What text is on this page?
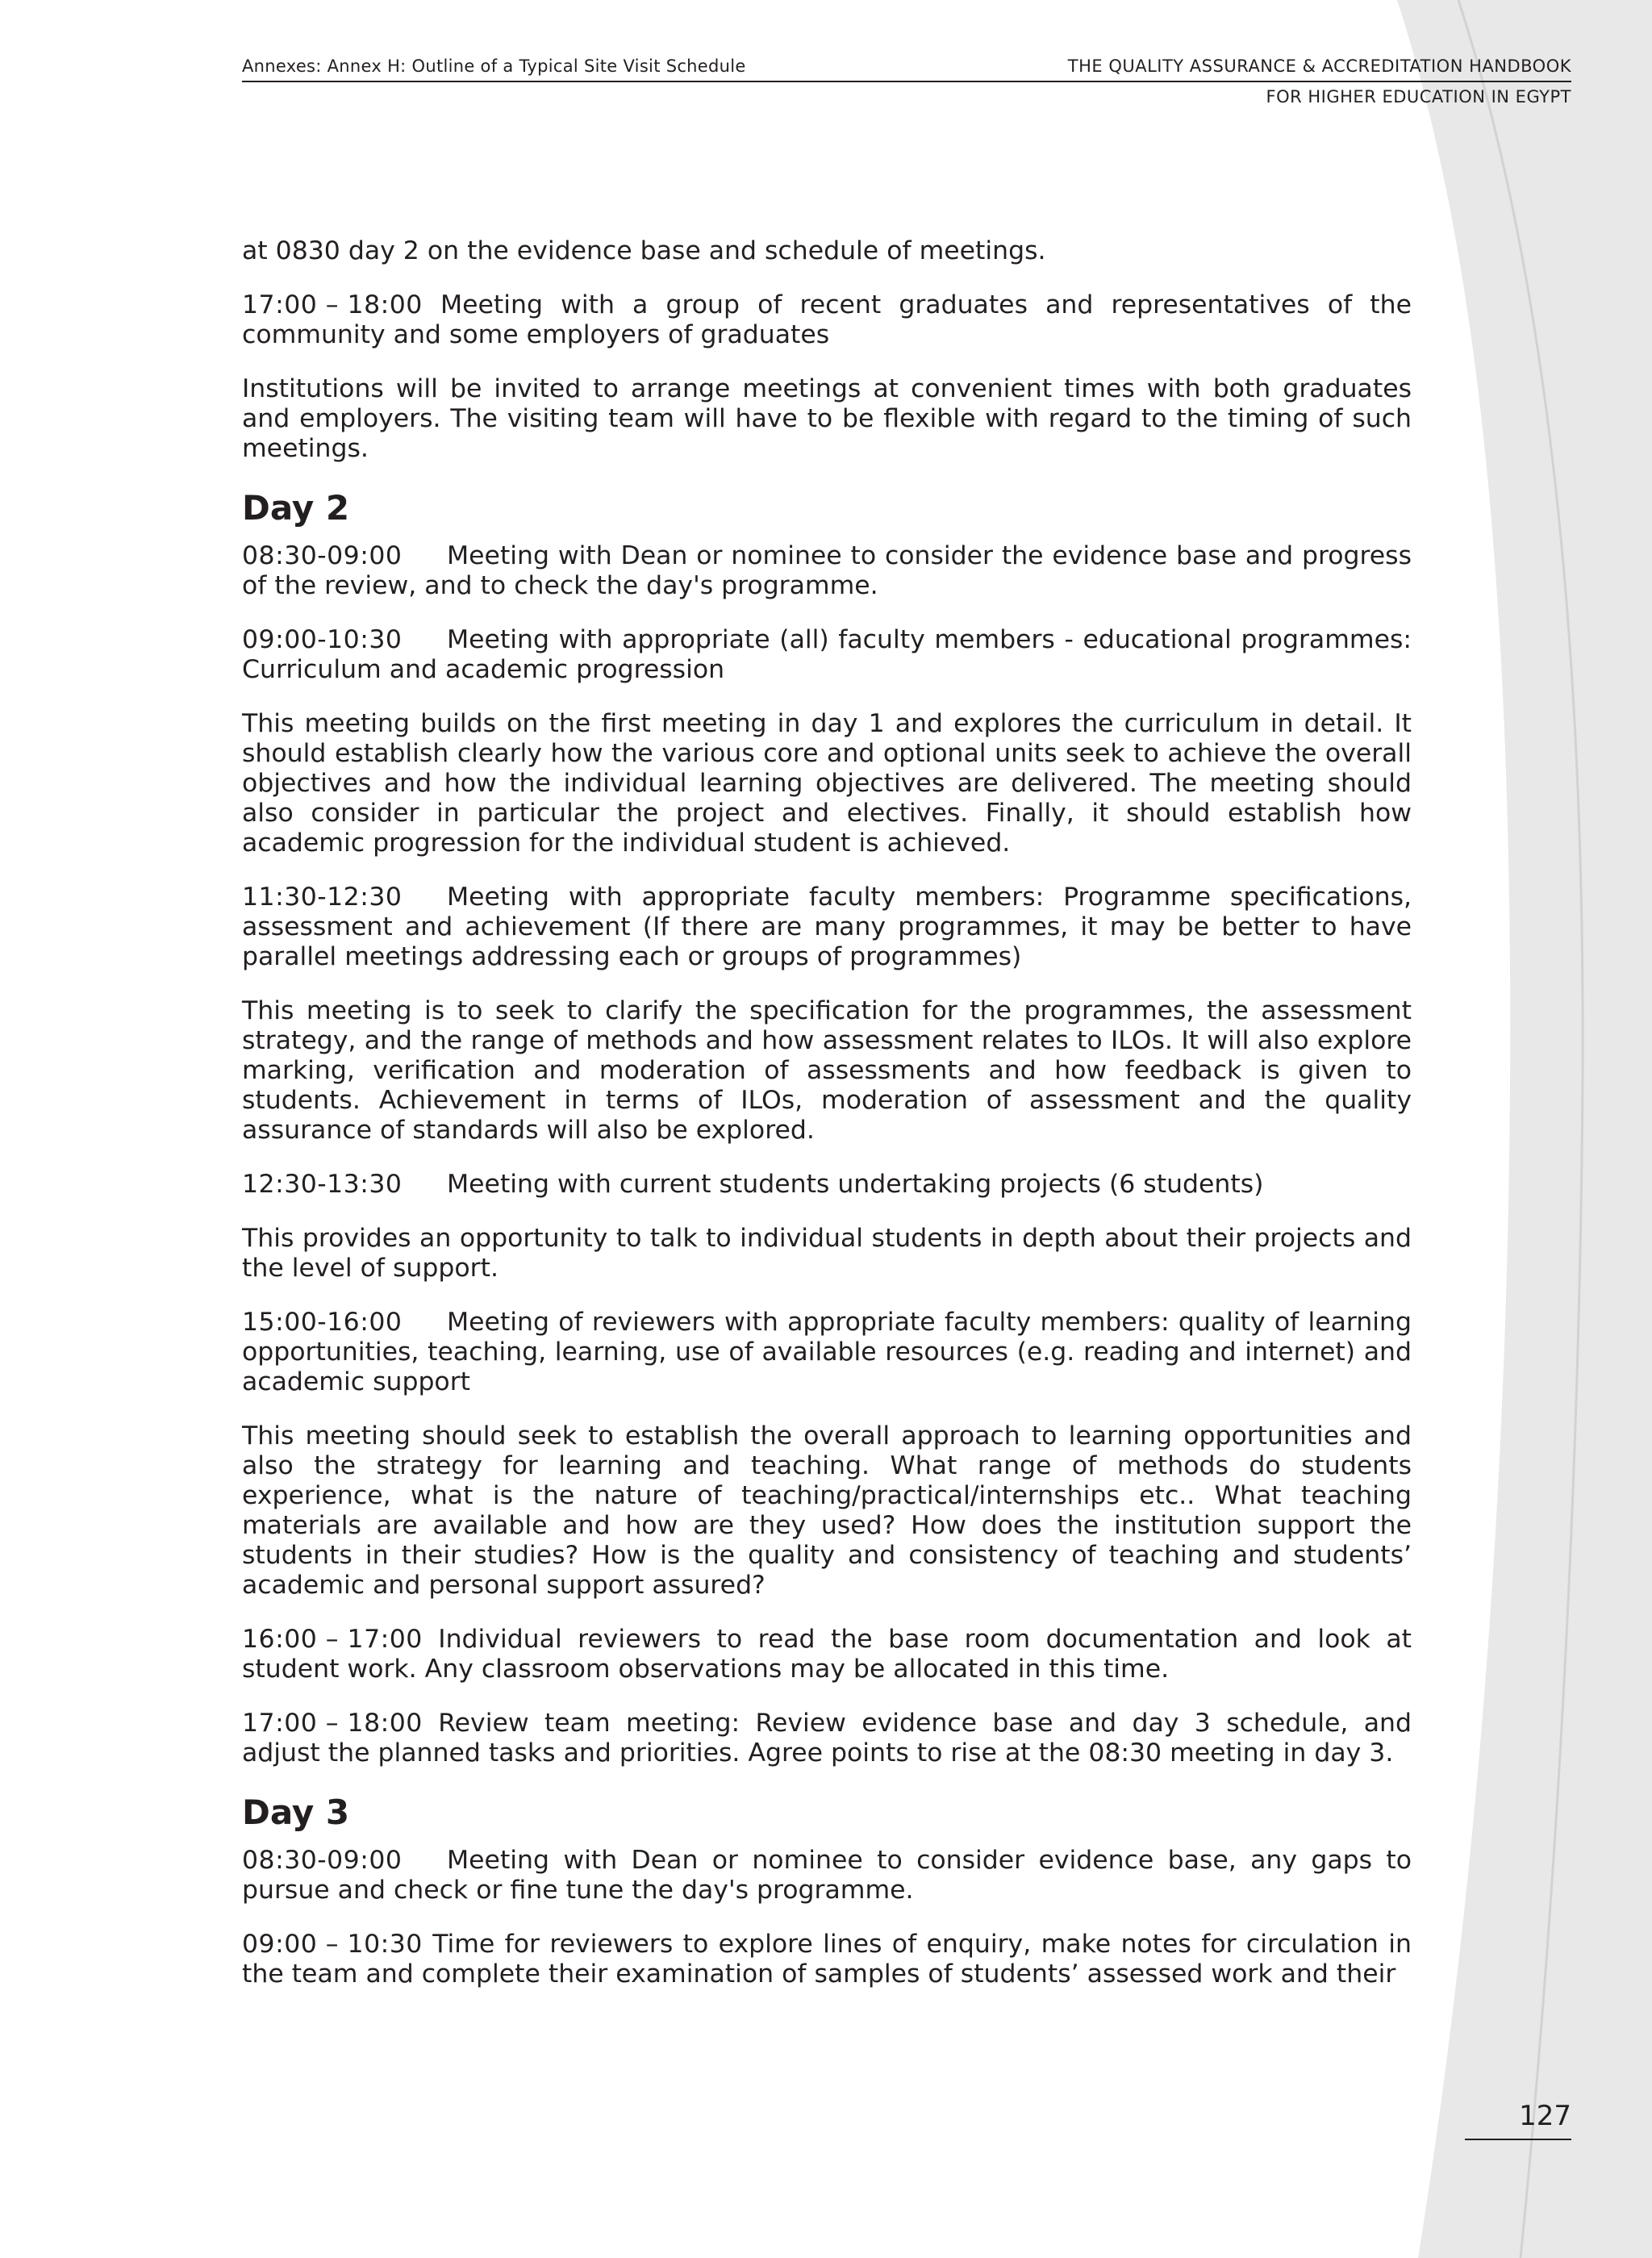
Annexes: Annex H: Outline of a Typical Site Visit Schedule	THE QUALITY ASSURANCE & ACCREDITATION HANDBOOK
FOR HIGHER EDUCATION IN EGYPT

at 0830 day 2 on the evidence base and schedule of meetings.

17:00 – 18:00 Meeting with a group of recent graduates and representatives of the community and some employers of graduates

Institutions will be invited to arrange meetings at convenient times with both graduates and employers. The visiting team will have to be flexible with regard to the timing of such meetings.

Day 2

08:30-09:00 Meeting with Dean or nominee to consider the evidence base and progress of the review, and to check the day's programme.

09:00-10:30 Meeting with appropriate (all) faculty members - educational programmes: Curriculum and academic progression

This meeting builds on the first meeting in day 1 and explores the curriculum in detail. It should establish clearly how the various core and optional units seek to achieve the overall objectives and how the individual learning objectives are delivered. The meeting should also consider in particular the project and electives. Finally, it should establish how academic progression for the individual student is achieved.

11:30-12:30 Meeting with appropriate faculty members: Programme specifications, assessment and achievement (If there are many programmes, it may be better to have parallel meetings addressing each or groups of programmes)

This meeting is to seek to clarify the specification for the programmes, the assessment strategy, and the range of methods and how assessment relates to ILOs. It will also explore marking, verification and moderation of assessments and how feedback is given to students. Achievement in terms of ILOs, moderation of assessment and the quality assurance of standards will also be explored.

12:30-13:30 Meeting with current students undertaking projects (6 students)

This provides an opportunity to talk to individual students in depth about their projects and the level of support.

15:00-16:00 Meeting of reviewers with appropriate faculty members: quality of learning opportunities, teaching, learning, use of available resources (e.g. reading and internet) and academic support

This meeting should seek to establish the overall approach to learning opportunities and also the strategy for learning and teaching. What range of methods do students experience, what is the nature of teaching/practical/internships etc.. What teaching materials are available and how are they used? How does the institution support the students in their studies? How is the quality and consistency of teaching and students’ academic and personal support assured?

16:00 – 17:00 Individual reviewers to read the base room documentation and look at student work. Any classroom observations may be allocated in this time.

17:00 – 18:00 Review team meeting: Review evidence base and day 3 schedule, and adjust the planned tasks and priorities. Agree points to rise at the 08:30 meeting in day 3.

Day 3

08:30-09:00 Meeting with Dean or nominee to consider evidence base, any gaps to pursue and check or fine tune the day's programme.

09:00 – 10:30 Time for reviewers to explore lines of enquiry, make notes for circulation in the team and complete their examination of samples of students’ assessed work and their

127
